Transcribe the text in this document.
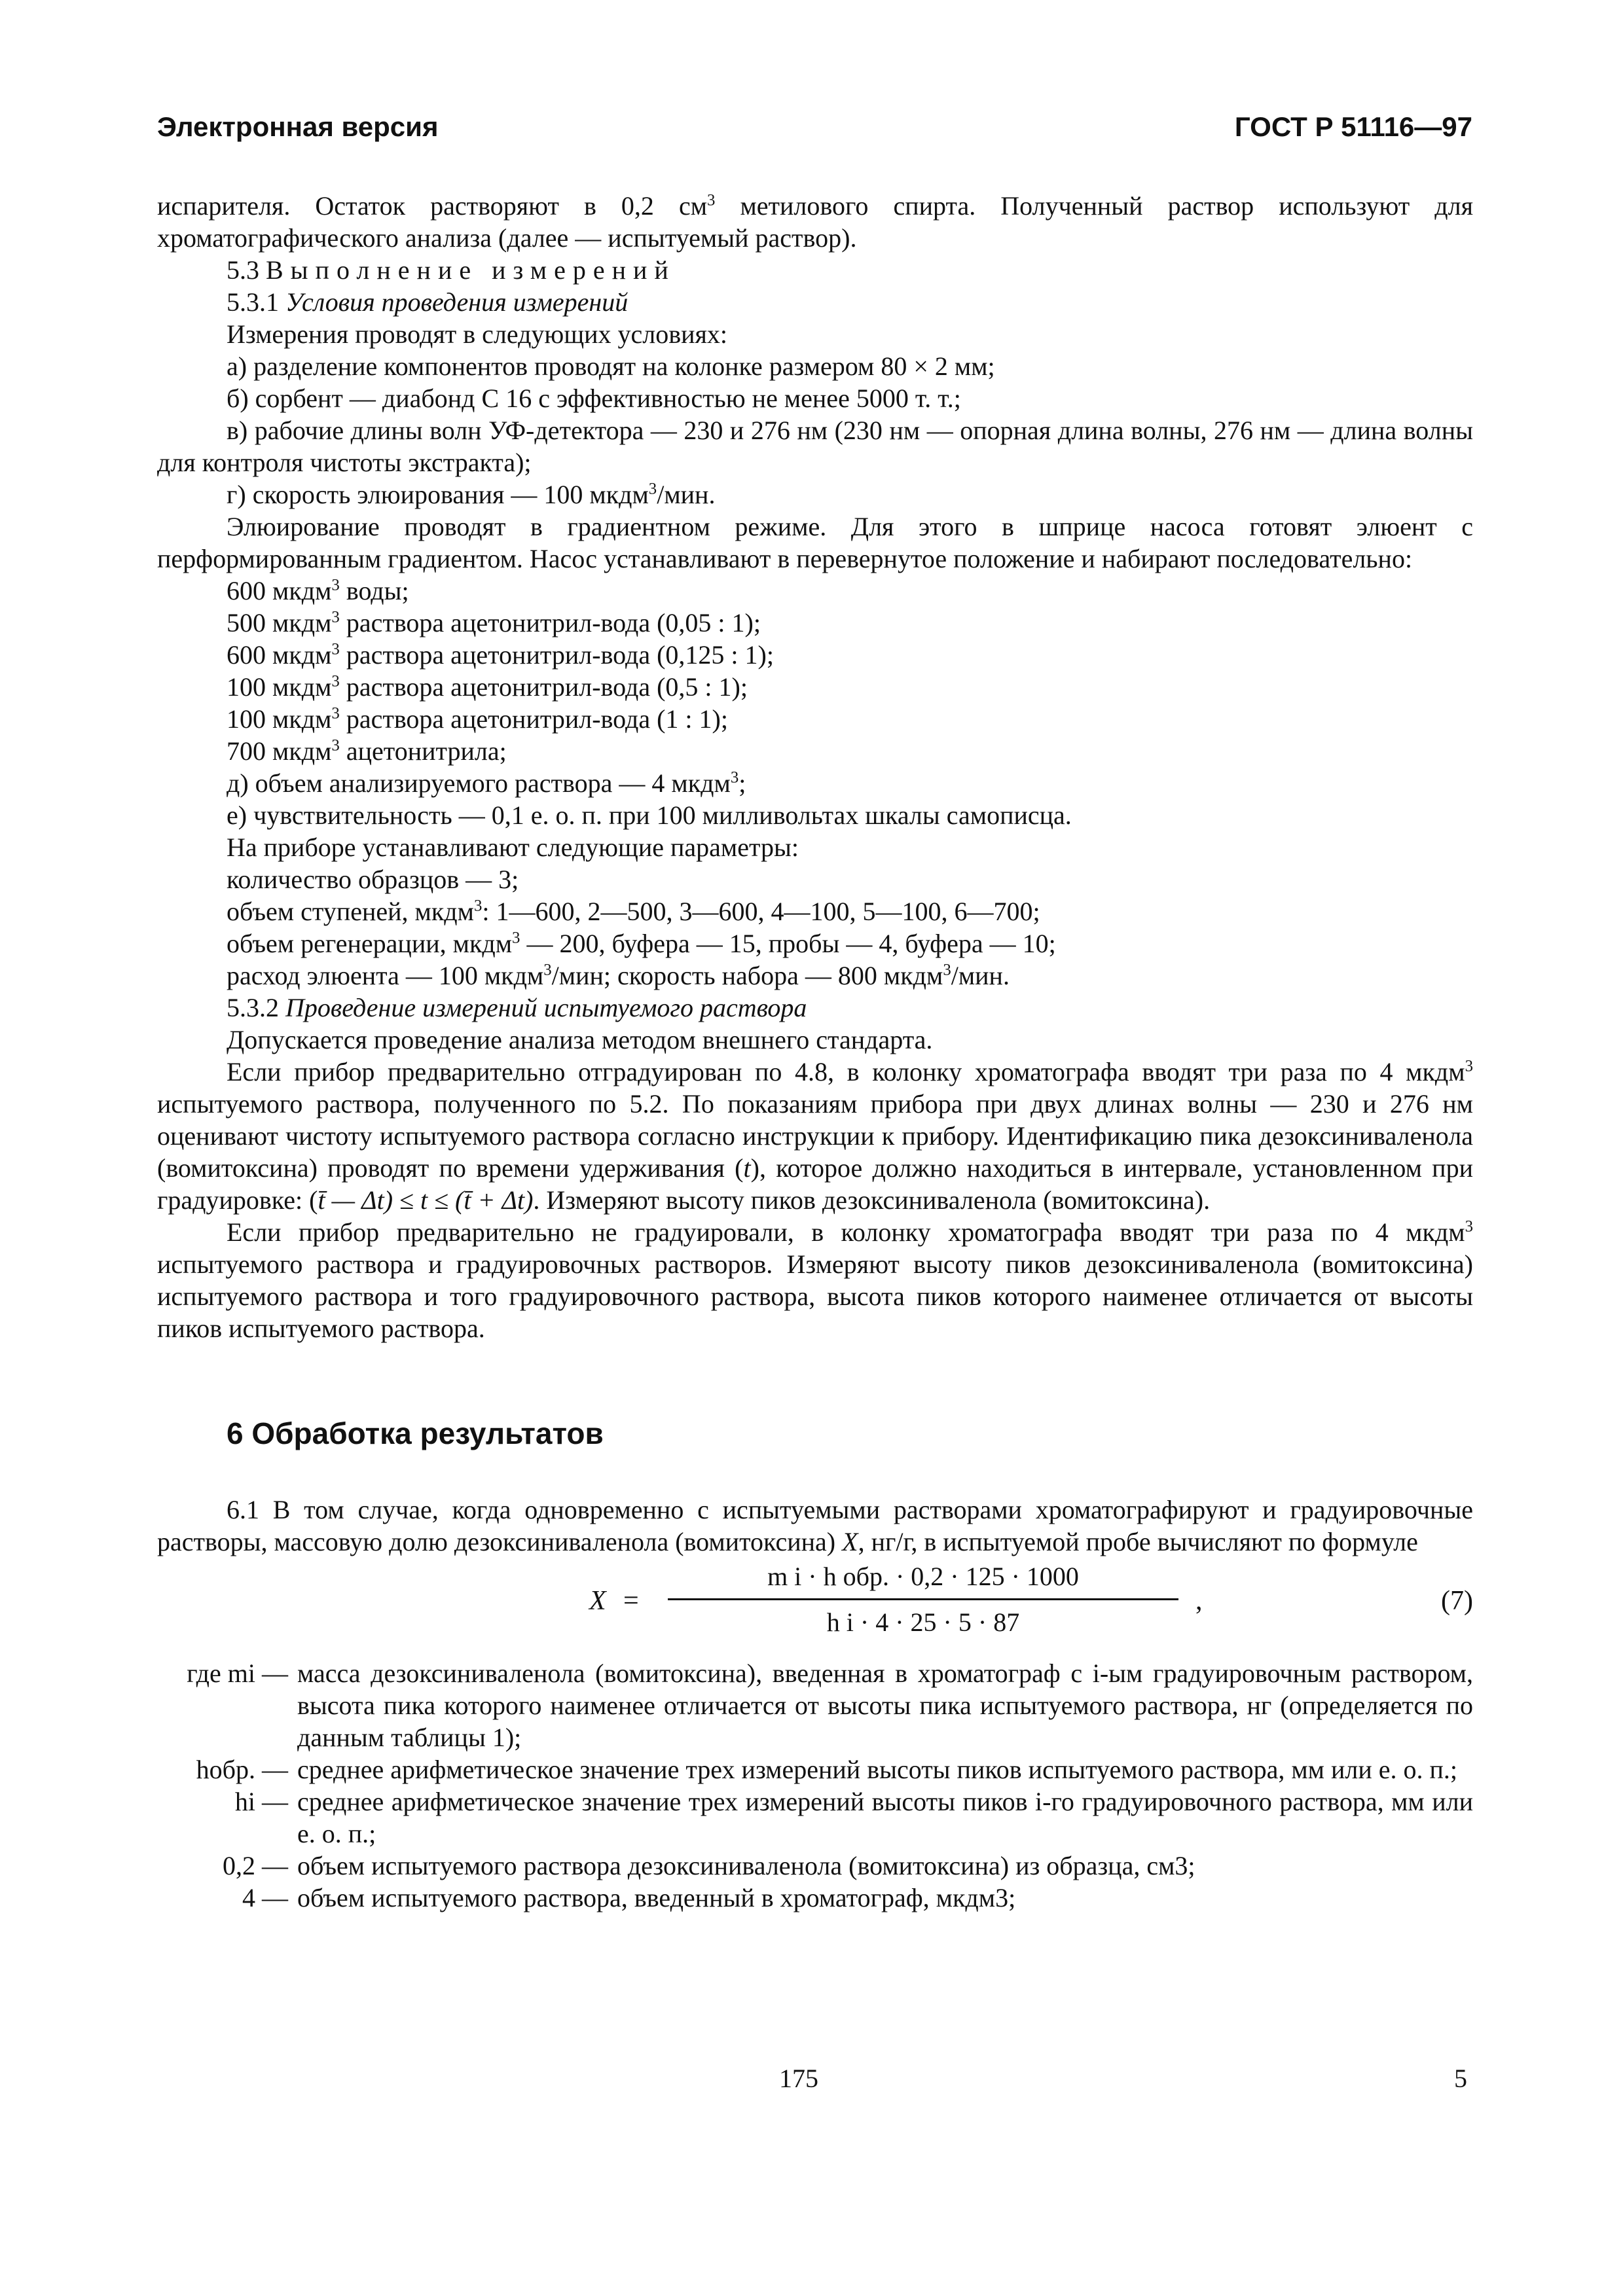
Электронная версия	ГОСТ Р 51116—97

испарителя. Остаток растворяют в 0,2 $см^3$ метилового спирта. Полученный раствор используют для хроматографического анализа (далее — испытуемый раствор).

5.3 Выполнение измерений

5.3.1 Условия проведения измерений

Измерения проводят в следующих условиях:

а) разделение компонентов проводят на колонке размером 80 × 2 мм;

б) сорбент — диабонд С 16 с эффективностью не менее 5000 т. т.;

в) рабочие длины волн УФ-детектора — 230 и 276 нм (230 нм — опорная длина волны, 276 нм — длина волны для контроля чистоты экстракта);

г) скорость элюирования — 100 мкдм$^3$/мин.

Элюирование проводят в градиентном режиме. Для этого в шприце насоса готовят элюент с перформированным градиентом. Насос устанавливают в перевернутое положение и набирают последовательно:

600 мкдм$^3$ воды;

500 мкдм$^3$ раствора ацетонитрил-вода (0,05 : 1);

600 мкдм$^3$ раствора ацетонитрил-вода (0,125 : 1);

100 мкдм$^3$ раствора ацетонитрил-вода (0,5 : 1);

100 мкдм$^3$ раствора ацетонитрил-вода (1 : 1);

700 мкдм$^3$ ацетонитрила;

д) объем анализируемого раствора — 4 мкдм$^3$;

е) чувствительность — 0,1 е. о. п. при 100 милливольтах шкалы самописца.

На приборе устанавливают следующие параметры:

количество образцов — 3;

объем ступеней, мкдм$^3$: 1—600, 2—500, 3—600, 4—100, 5—100, 6—700;

объем регенерации, мкдм$^3$ — 200, буфера — 15, пробы — 4, буфера — 10;

расход элюента — 100 мкдм$^3$/мин; скорость набора — 800 мкдм$^3$/мин.

5.3.2 Проведение измерений испытуемого раствора

Допускается проведение анализа методом внешнего стандарта.

Если прибор предварительно отградуирован по 4.8, в колонку хроматографа вводят три раза по 4 мкдм$^3$ испытуемого раствора, полученного по 5.2. По показаниям прибора при двух длинах волны — 230 и 276 нм оценивают чистоту испытуемого раствора согласно инструкции к прибору. Идентификацию пика дезоксиниваленола (вомитоксина) проводят по времени удерживания (t), которое должно находиться в интервале, установленном при градуировке: (t̄ — Δt) ≤ t ≤ (t̄ + Δt). Измеряют высоту пиков дезоксиниваленола (вомитоксина).

Если прибор предварительно не градуировали, в колонку хроматографа вводят три раза по 4 мкдм$^3$ испытуемого раствора и градуировочных растворов. Измеряют высоту пиков дезоксиниваленола (вомитоксина) испытуемого раствора и того градуировочного раствора, высота пиков которого наименее отличается от высоты пиков испытуемого раствора.

6 Обработка результатов

6.1 В том случае, когда одновременно с испытуемыми растворами хроматографируют и градуировочные растворы, массовую долю дезоксиниваленола (вомитоксина) X, нг/г, в испытуемой пробе вычисляют по формуле

X =
m i · h обр. · 0,2 · 125 · 1000
h i · 4 · 25 · 5 · 87
,	(7)
где mi — масса дезоксиниваленола (вомитоксина), введенная в хроматограф с i-ым градуировочным раствором, высота пика которого наименее отличается от высоты пика испытуемого раствора, нг (определяется по данным таблицы 1);
hобр. — среднее арифметическое значение трех измерений высоты пиков испытуемого раствора, мм или е. о. п.;
hi — среднее арифметическое значение трех измерений высоты пиков i-го градуировочного раствора, мм или е. о. п.;
0,2 — объем испытуемого раствора дезоксиниваленола (вомитоксина) из образца, см3;
4 — объем испытуемого раствора, введенный в хроматограф, мкдм3;
175	5
